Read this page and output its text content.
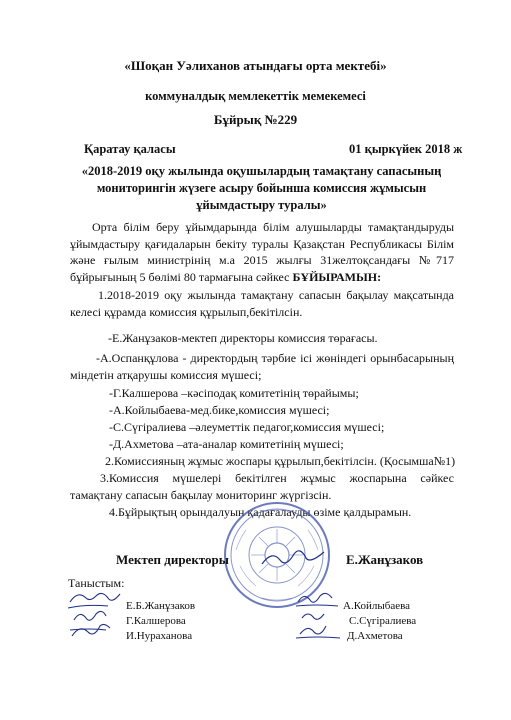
«Шоқан Уәлиханов атындағы орта мектебі»
коммуналдық мемлекеттік мемекемесі
Бұйрық №229
Қаратау қаласы	01 қыркүйек 2018 ж
«2018-2019 оқу жылында оқушылардың тамақтану сапасының мониторингін жүзеге асыру бойынша комиссия жұмысын ұйымдастыру туралы»
Орта білім беру ұйымдарында білім алушыларды тамақтандыруды ұйымдастыру қағидаларын бекіту туралы Қазақстан Республикасы Білім және ғылым министрінің м.а 2015 жылғы 31желтоқсандағы №717 бұйрығының 5 бөлімі 80 тармағына сәйкес БҰЙЫРАМЫН:
1.2018-2019 оқу жылында тамақтану сапасын бақылау мақсатында келесі құрамда комиссия құрылып,бекітілсін.
-Е.Жанұзаков-мектеп директоры комиссия төрағасы.
-А.Оспанқұлова - директордың тәрбие ісі жөніндегі орынбасарының міндетін атқарушы комиссия мүшесі;
-Г.Калшерова –кәсіподақ комитетінің төрайымы;
-А.Койлыбаева-мед.бике,комиссия мүшесі;
-С.Сүгіралиева –әлеуметтік педагог,комиссия мүшесі;
-Д.Ахметова –ата-аналар комитетінің мүшесі;
2.Комиссияның жұмыс жоспары құрылып,бекітілсін. (Қосымша№1)
3.Комиссия мүшелері бекітілген жұмыс жоспарына сәйкес тамақтану сапасын бақылау мониторинг жүргізсін.
4.Бұйрықтың орындалуын қадағалауды өзіме қалдырамын.
Мектеп директоры	Е.Жанұзаков
Таныстым:
Е.Б.Жанұзаков
Г.Калшерова
И.Нураханова
А.Койлыбаева
С.Сүгіралиева
Д.Ахметова
